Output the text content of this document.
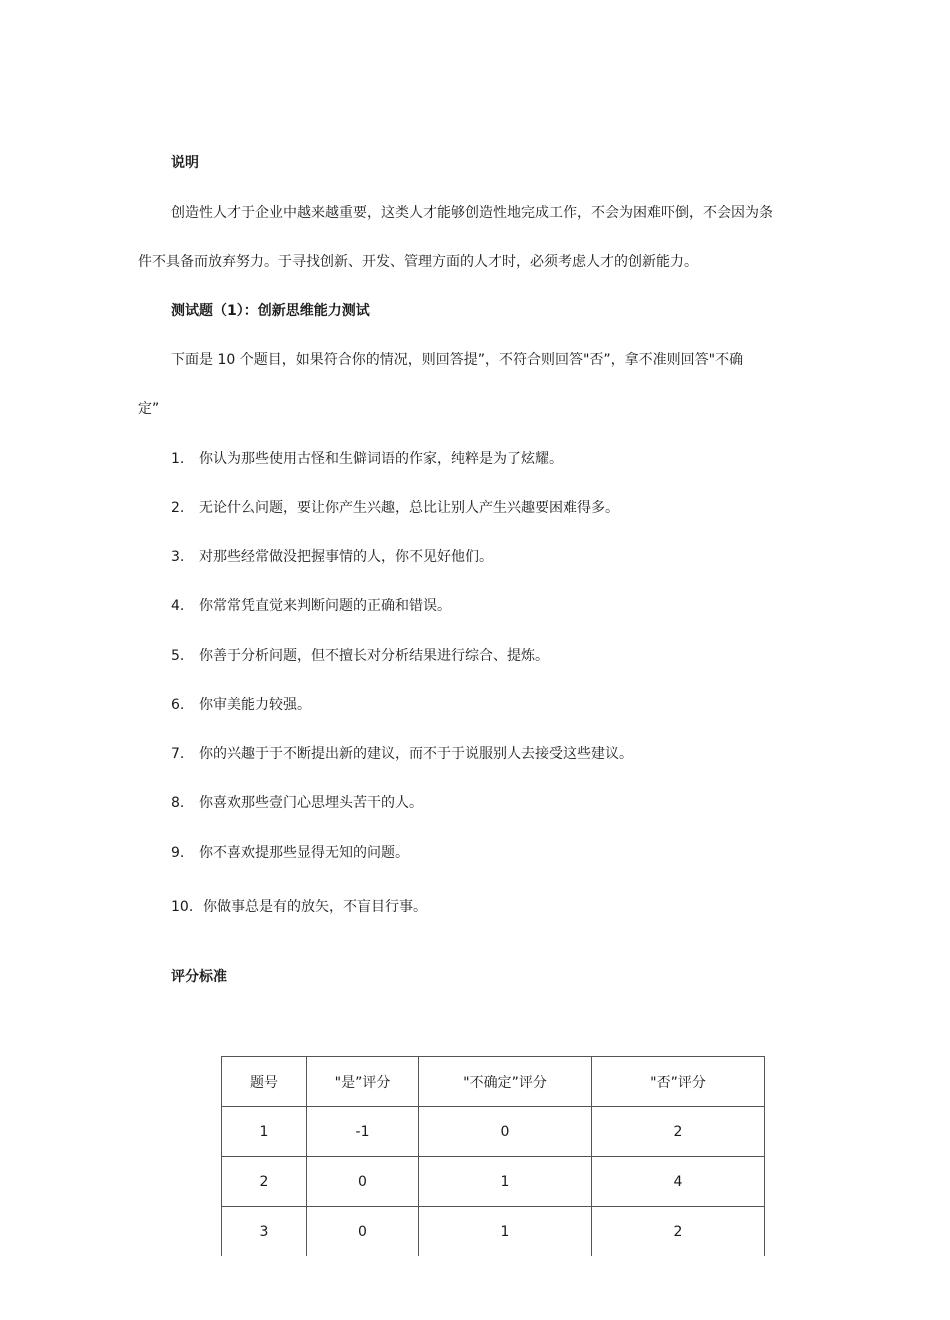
说明
创造性人才于企业中越来越重要，这类人才能够创造性地完成工作，不会为困难吓倒，不会因为条
件不具备而放弃努力。于寻找创新、开发、管理方面的人才时，必须考虑人才的创新能力。
测试题（1）：创新思维能力测试
下面是 10 个题目，如果符合你的情况，则回答提”，不符合则回答"否”，拿不准则回答"不确
定”
1. 你认为那些使用古怪和生僻词语的作家，纯粹是为了炫耀。
2. 无论什么问题，要让你产生兴趣，总比让别人产生兴趣要困难得多。
3. 对那些经常做没把握事情的人，你不见好他们。
4. 你常常凭直觉来判断问题的正确和错误。
5. 你善于分析问题，但不擅长对分析结果进行综合、提炼。
6. 你审美能力较强。
7. 你的兴趣于于不断提出新的建议，而不于于说服别人去接受这些建议。
8. 你喜欢那些壹门心思埋头苦干的人。
9. 你不喜欢提那些显得无知的问题。
10. 你做事总是有的放矢，不盲目行事。
评分标准
题号	"是”评分	"不确定”评分	"否”评分
1	-1	0	2
2	0	1	4
3	0	1	2
